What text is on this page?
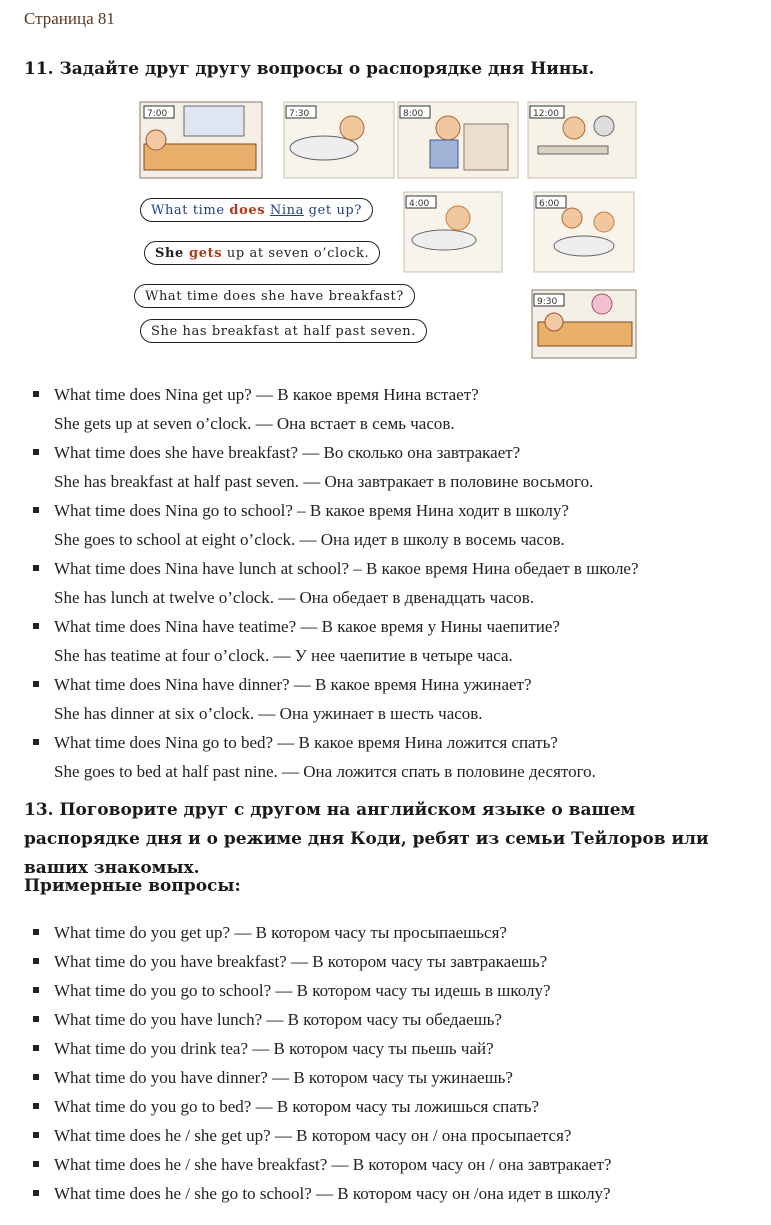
Страница 81
11. Задайте друг другу вопросы о распорядке дня Нины.
7:00	7:30	8:00	12:00
4:00	6:00
9:30
What time does Nina get up?
She gets up at seven o’clock.
What time does she have breakfast?
She has breakfast at half past seven.
What time does Nina get up? — В какое время Нина встает?
She gets up at seven o’clock. — Она встает в семь часов.
What time does she have breakfast? — Во сколько она завтракает?
She has breakfast at half past seven. — Она завтракает в половине восьмого.
What time does Nina go to school? – В какое время Нина ходит в школу?
She goes to school at eight o’clock. — Она идет в школу в восемь часов.
What time does Nina have lunch at school? – В какое время Нина обедает в школе?
She has lunch at twelve o’clock. — Она обедает в двенадцать часов.
What time does Nina have teatime? — В какое время у Нины чаепитие?
She has teatime at four o’clock. — У нее чаепитие в четыре часа.
What time does Nina have dinner? — В какое время Нина ужинает?
She has dinner at six o’clock. — Она ужинает в шесть часов.
What time does Nina go to bed? — В какое время Нина ложится спать?
She goes to bed at half past nine. — Она ложится спать в половине десятого.
13. Поговорите друг с другом на английском языке о вашем распорядке дня и о режиме дня Коди, ребят из семьи Тейлоров или ваших знакомых.
Примерные вопросы:
What time do you get up? — В котором часу ты просыпаешься?
What time do you have breakfast? — В котором часу ты завтракаешь?
What time do you go to school? — В котором часу ты идешь в школу?
What time do you have lunch? — В котором часу ты обедаешь?
What time do you drink tea? — В котором часу ты пьешь чай?
What time do you have dinner? — В котором часу ты ужинаешь?
What time do you go to bed? — В котором часу ты ложишься спать?
What time does he / she get up? — В котором часу он / она просыпается?
What time does he / she have breakfast? — В котором часу он / она завтракает?
What time does he / she go to school? — В котором часу он /она идет в школу?
